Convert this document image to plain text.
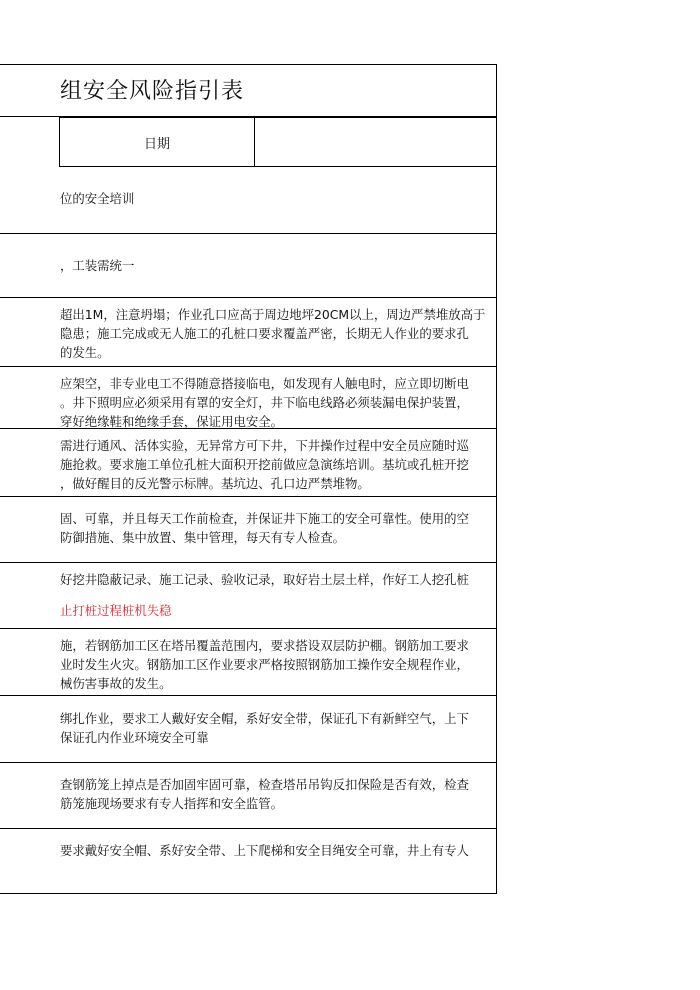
组安全风险指引表
日期
位的安全培训
，工装需统一
超出1M，注意坍塌；作业孔口应高于周边地坪20CM以上，周边严禁堆放高于
隐患；施工完成或无人施工的孔桩口要求覆盖严密，长期无人作业的要求孔
的发生。
应架空，非专业电工不得随意搭接临电，如发现有人触电时，应立即切断电
。井下照明应必须采用有罩的安全灯，井下临电线路必须装漏电保护装置，
穿好绝缘鞋和绝缘手套，保证用电安全。
需进行通风、活体实验，无异常方可下井，下井操作过程中安全员应随时巡
施抢救。要求施工单位孔桩大面积开挖前做应急演练培训。基坑或孔桩开挖
，做好醒目的反光警示标牌。基坑边、孔口边严禁堆物。
固、可靠，并且每天工作前检查，并保证井下施工的安全可靠性。使用的空
防御措施、集中放置、集中管理，每天有专人检查。
好挖井隐蔽记录、施工记录、验收记录，取好岩土层土样，作好工人挖孔桩
止打桩过程桩机失稳
施，若钢筋加工区在塔吊覆盖范围内，要求搭设双层防护棚。钢筋加工要求
业时发生火灾。钢筋加工区作业要求严格按照钢筋加工操作安全规程作业，
械伤害事故的发生。
绑扎作业，要求工人戴好安全帽，系好安全带，保证孔下有新鲜空气，上下
保证孔内作业环境安全可靠
查钢筋笼上掉点是否加固牢固可靠，检查塔吊吊钩反扣保险是否有效，检查
筋笼施现场要求有专人指挥和安全监管。
要求戴好安全帽、系好安全带、上下爬梯和安全目绳安全可靠，井上有专人
